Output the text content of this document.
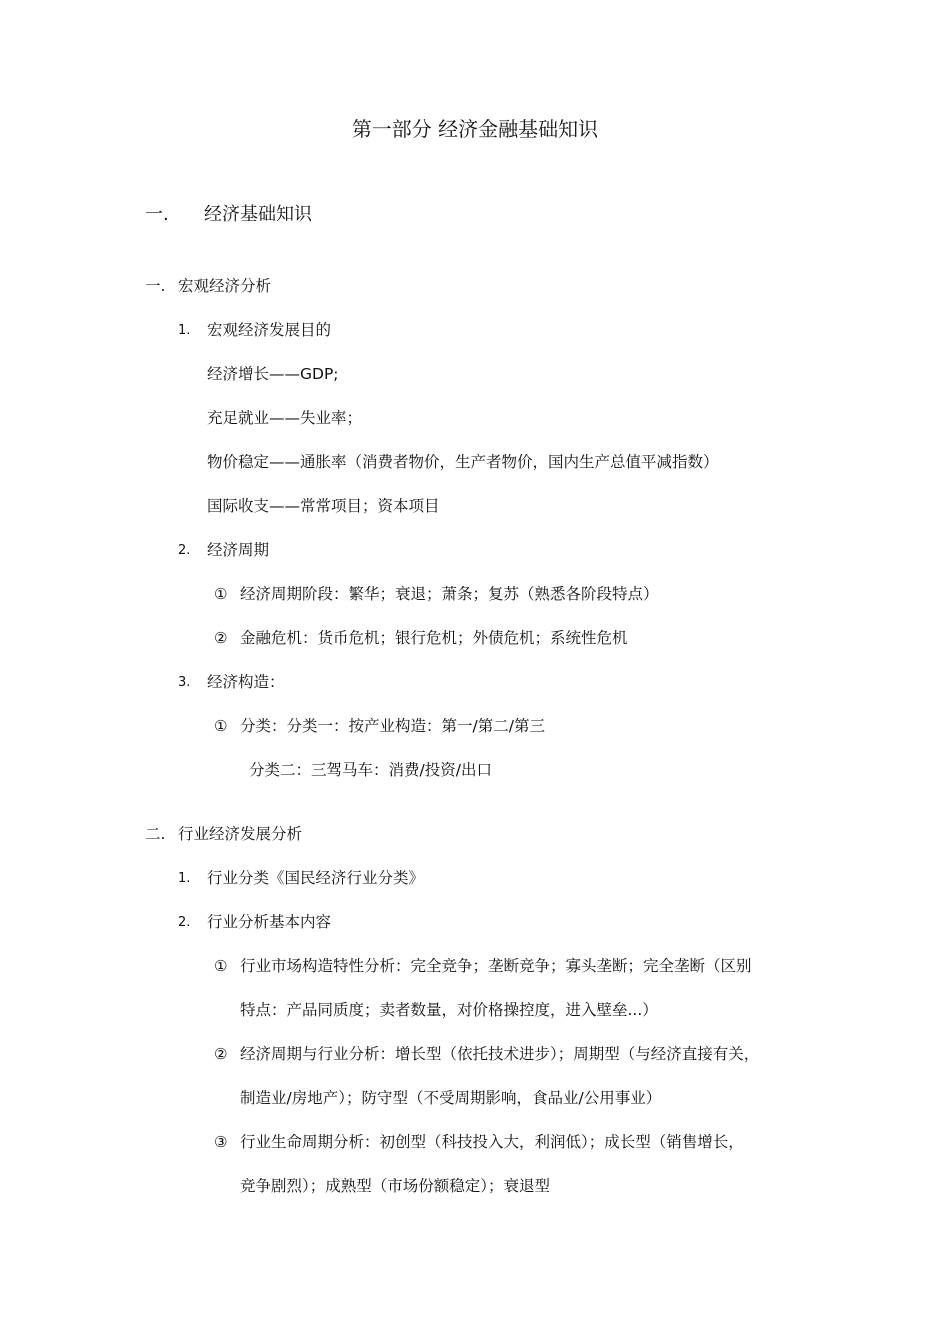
第一部分 经济金融基础知识
一. 经济基础知识
一. 宏观经济分析
1. 宏观经济发展目的
经济增长——GDP;
充足就业——失业率；
物价稳定——通胀率（消费者物价，生产者物价，国内生产总值平减指数）
国际收支——常常项目；资本项目
2. 经济周期
① 经济周期阶段：繁华；衰退；萧条；复苏（熟悉各阶段特点）
② 金融危机：货币危机；银行危机；外债危机；系统性危机
3. 经济构造：
① 分类：分类一：按产业构造：第一/第二/第三
分类二：三驾马车：消费/投资/出口
二. 行业经济发展分析
1. 行业分类《国民经济行业分类》
2. 行业分析基本内容
① 行业市场构造特性分析：完全竞争；垄断竞争；寡头垄断；完全垄断（区别
特点：产品同质度；卖者数量，对价格操控度，进入壁垒...）
② 经济周期与行业分析：增长型（依托技术进步）；周期型（与经济直接有关，
制造业/房地产）；防守型（不受周期影响，食品业/公用事业）
③ 行业生命周期分析：初创型（科技投入大，利润低）；成长型（销售增长，
竞争剧烈）；成熟型（市场份额稳定）；衰退型
